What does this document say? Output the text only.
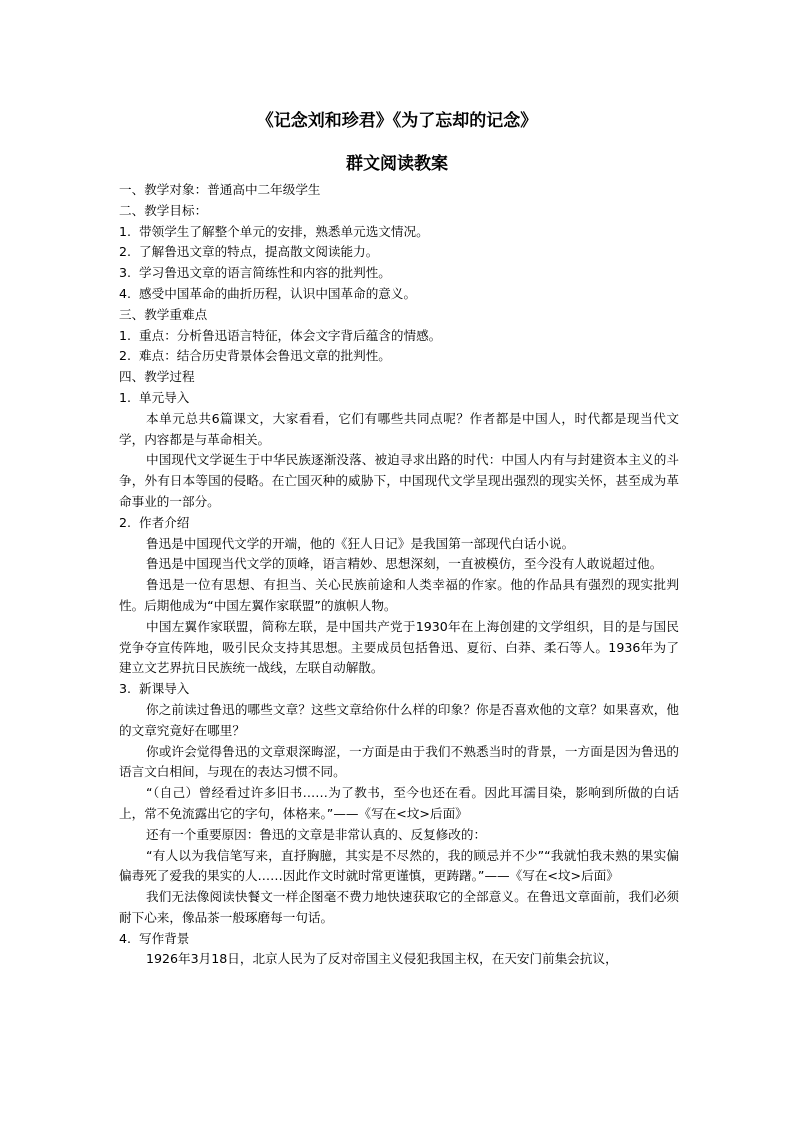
《记念刘和珍君》《为了忘却的记念》
群文阅读教案

一、教学对象：普通高中二年级学生

二、教学目标：

1. 带领学生了解整个单元的安排，熟悉单元选文情况。

2. 了解鲁迅文章的特点，提高散文阅读能力。

3. 学习鲁迅文章的语言简练性和内容的批判性。

4. 感受中国革命的曲折历程，认识中国革命的意义。

三、教学重难点

1. 重点：分析鲁迅语言特征，体会文字背后蕴含的情感。

2. 难点：结合历史背景体会鲁迅文章的批判性。

四、教学过程

1. 单元导入

本单元总共6篇课文，大家看看，它们有哪些共同点呢？作者都是中国人，时代都是现当代文学，内容都是与革命相关。

中国现代文学诞生于中华民族逐渐没落、被迫寻求出路的时代：中国人内有与封建资本主义的斗争，外有日本等国的侵略。在亡国灭种的威胁下，中国现代文学呈现出强烈的现实关怀，甚至成为革命事业的一部分。

2. 作者介绍

鲁迅是中国现代文学的开端，他的《狂人日记》是我国第一部现代白话小说。

鲁迅是中国现当代文学的顶峰，语言精妙、思想深刻，一直被模仿，至今没有人敢说超过他。

鲁迅是一位有思想、有担当、关心民族前途和人类幸福的作家。他的作品具有强烈的现实批判性。后期他成为“中国左翼作家联盟”的旗帜人物。

中国左翼作家联盟，简称左联，是中国共产党于1930年在上海创建的文学组织，目的是与国民党争夺宣传阵地，吸引民众支持其思想。主要成员包括鲁迅、夏衍、白莽、柔石等人。1936年为了建立文艺界抗日民族统一战线，左联自动解散。

3. 新课导入

你之前读过鲁迅的哪些文章？这些文章给你什么样的印象？你是否喜欢他的文章？如果喜欢，他的文章究竟好在哪里？

你或许会觉得鲁迅的文章艰深晦涩，一方面是由于我们不熟悉当时的背景，一方面是因为鲁迅的语言文白相间，与现在的表达习惯不同。

“（自己）曾经看过许多旧书……为了教书，至今也还在看。因此耳濡目染，影响到所做的白话上，常不免流露出它的字句，体格来。”——《写在<坟>后面》

还有一个重要原因：鲁迅的文章是非常认真的、反复修改的：

“有人以为我信笔写来，直抒胸臆，其实是不尽然的，我的顾忌并不少”“我就怕我未熟的果实偏偏毒死了爱我的果实的人……因此作文时就时常更谨慎，更踌躇。”——《写在<坟>后面》

我们无法像阅读快餐文一样企图毫不费力地快速获取它的全部意义。在鲁迅文章面前，我们必须耐下心来，像品茶一般琢磨每一句话。

4. 写作背景

1926年3月18日，北京人民为了反对帝国主义侵犯我国主权，在天安门前集会抗议，
